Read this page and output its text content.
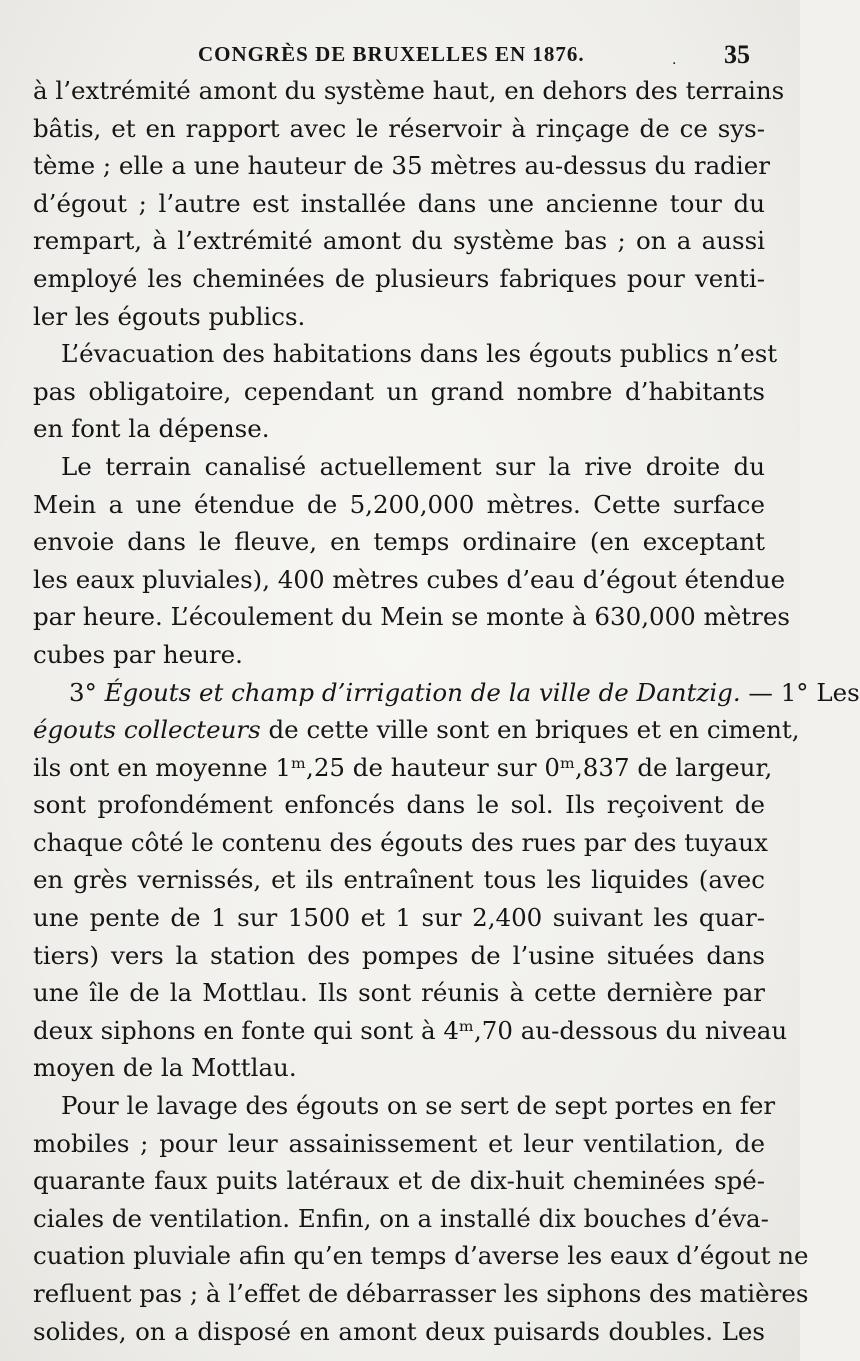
CONGRÈS DE BRUXELLES EN 1876.	· 35
à l’extrémité amont du système haut, en dehors des terrains
bâtis, et en rapport avec le réservoir à rinçage de ce sys-
tème ; elle a une hauteur de 35 mètres au-dessus du radier
d’égout ; l’autre est installée dans une ancienne tour du
rempart, à l’extrémité amont du système bas ; on a aussi
employé les cheminées de plusieurs fabriques pour venti-
ler les égouts publics.
L’évacuation des habitations dans les égouts publics n’est
pas obligatoire, cependant un grand nombre d’habitants
en font la dépense.
Le terrain canalisé actuellement sur la rive droite du
Mein a une étendue de 5,200,000 mètres. Cette surface
envoie dans le fleuve, en temps ordinaire (en exceptant
les eaux pluviales), 400 mètres cubes d’eau d’égout étendue
par heure. L’écoulement du Mein se monte à 630,000 mètres
cubes par heure.
3° Égouts et champ d’irrigation de la ville de Dantzig. — 1° Les
égouts collecteurs de cette ville sont en briques et en ciment,
ils ont en moyenne 1ᵐ,25 de hauteur sur 0ᵐ,837 de largeur,
sont profondément enfoncés dans le sol. Ils reçoivent de
chaque côté le contenu des égouts des rues par des tuyaux
en grès vernissés, et ils entraînent tous les liquides (avec
une pente de 1 sur 1500 et 1 sur 2,400 suivant les quar-
tiers) vers la station des pompes de l’usine situées dans
une île de la Mottlau. Ils sont réunis à cette dernière par
deux siphons en fonte qui sont à 4ᵐ,70 au-dessous du niveau
moyen de la Mottlau.
Pour le lavage des égouts on se sert de sept portes en fer
mobiles ; pour leur assainissement et leur ventilation, de
quarante faux puits latéraux et de dix-huit cheminées spé-
ciales de ventilation. Enfin, on a installé dix bouches d’éva-
cuation pluviale afin qu’en temps d’averse les eaux d’égout ne
refluent pas ; à l’effet de débarrasser les siphons des matières
solides, on a disposé en amont deux puisards doubles. Les
